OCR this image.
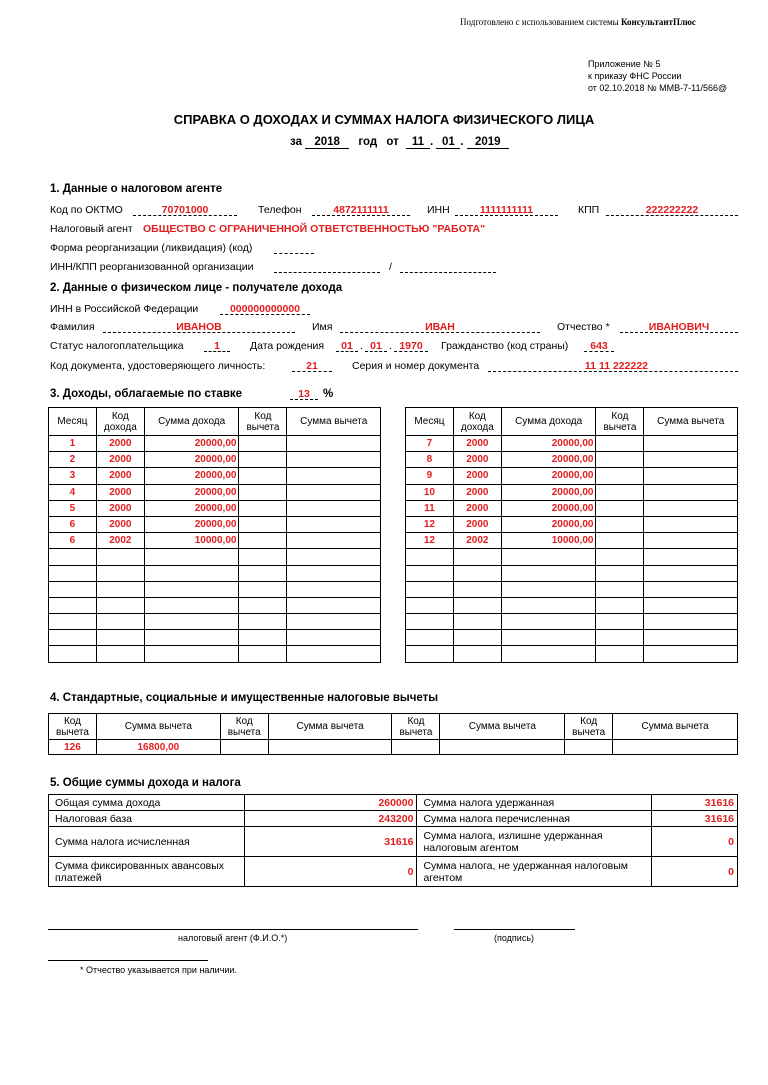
Подготовлено с использованием системы КонсультантПлюс
Приложение № 5
к приказу ФНС России
от 02.10.2018 № ММВ-7-11/566@
СПРАВКА О ДОХОДАХ И СУММАХ НАЛОГА ФИЗИЧЕСКОГО ЛИЦА
за 2018 год от 11 . 01 . 2019
1. Данные о налоговом агенте
Код по ОКТМО	70701000	Телефон	4872111111	ИНН	1111111111	КПП	222222222
Налоговый агент ОБЩЕСТВО С ОГРАНИЧЕННОЙ ОТВЕТСТВЕННОСТЬЮ "РАБОТА"
Форма реорганизации (ликвидация) (код)
ИНН/КПП реорганизованной организации	/
2. Данные о физическом лице - получателе дохода
ИНН в Российской Федерации	000000000000
Фамилия	ИВАНОВ	Имя	ИВАН	Отчество *	ИВАНОВИЧ
Статус налогоплательщика	1	Дата рождения	01 . 01 . 1970	Гражданство (код страны)	643
Код документа, удостоверяющего личность:	21	Серия и номер документа	11 11 222222
3. Доходы, облагаемые по ставке	13	%
Месяц	Код дохода	Сумма дохода	Код вычета	Сумма вычета
1	2000	20000,00		
2	2000	20000,00		
3	2000	20000,00		
4	2000	20000,00		
5	2000	20000,00		
6	2000	20000,00		
6	2002	10000,00		

Месяц	Код дохода	Сумма дохода	Код вычета	Сумма вычета
7	2000	20000,00		
8	2000	20000,00		
9	2000	20000,00		
10	2000	20000,00		
11	2000	20000,00		
12	2000	20000,00		
12	2002	10000,00		

4. Стандартные, социальные и имущественные налоговые вычеты
Код вычета	Сумма вычета	Код вычета	Сумма вычета	Код вычета	Сумма вычета	Код вычета	Сумма вычета
126	16800,00						
5. Общие суммы дохода и налога
Общая сумма дохода	260000	Сумма налога удержанная	31616
Налоговая база	243200	Сумма налога перечисленная	31616
Сумма налога исчисленная	31616	Сумма налога, излишне удержанная налоговым агентом	0
Сумма фиксированных авансовых платежей	0	Сумма налога, не удержанная налоговым агентом	0
налоговый агент (Ф.И.О.*)	(подпись)
* Отчество указывается при наличии.
